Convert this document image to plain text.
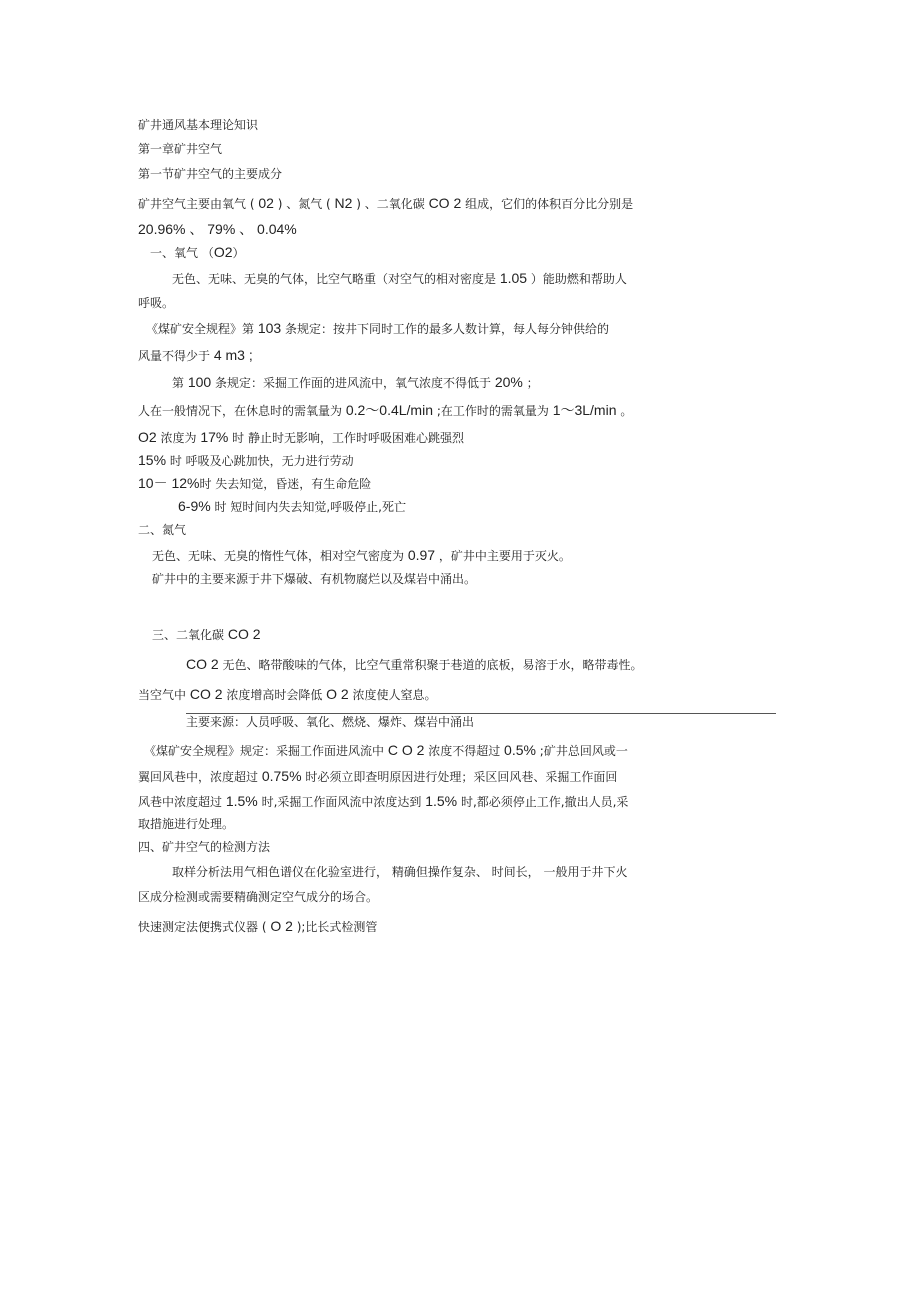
矿井通风基本理论知识
第一章矿井空气
第一节矿井空气的主要成分
矿井空气主要由氧气 ( 02 ) 、氮气 ( N2 ) 、二氧化碳 CO 2 组成，它们的体积百分比分别是
20.96% 、 79% 、 0.04%
一、氧气 （O2）
无色、无味、无臭的气体，比空气略重（对空气的相对密度是 1.05 ）能助燃和帮助人
呼吸。
《煤矿安全规程》第 103 条规定：按井下同时工作的最多人数计算，每人每分钟供给的
风量不得少于 4 m3 ;
第 100 条规定：采掘工作面的进风流中，氧气浓度不得低于 20% ；
人在一般情况下，在休息时的需氧量为 0.2〜0.4L/min ;在工作时的需氧量为 1〜3L/min 。
O2 浓度为 17% 时 静止时无影响，工作时呼吸困难心跳强烈
15% 时 呼吸及心跳加快，无力进行劳动
10－ 12%时 失去知觉，昏迷，有生命危险
6-9% 时 短时间内失去知觉,呼吸停止,死亡
二、氮气
无色、无味、无臭的惰性气体，相对空气密度为 0.97 ，矿井中主要用于灭火。
矿井中的主要来源于井下爆破、有机物腐烂以及煤岩中涌出。
三、二氧化碳 CO 2
CO 2 无色、略带酸味的气体，比空气重常积聚于巷道的底板，易溶于水，略带毒性。
当空气中 CO 2 浓度增高时会降低 O 2 浓度使人窒息。
主要来源：人员呼吸、氧化、燃烧、爆炸、煤岩中涌出
《煤矿安全规程》规定：采掘工作面进风流中 C O 2 浓度不得超过 0.5% ;矿井总回风或一
翼回风巷中，浓度超过 0.75% 时必须立即查明原因进行处理；采区回风巷、采掘工作面回
风巷中浓度超过 1.5% 时,采掘工作面风流中浓度达到 1.5% 时,都必须停止工作,撤出人员,采
取措施进行处理。
四、矿井空气的检测方法
取样分析法用气相色谱仪在化验室进行， 精确但操作复杂、 时间长， 一般用于井下火
区成分检测或需要精确测定空气成分的场合。
快速测定法便携式仪器 ( O 2 );比长式检测管
